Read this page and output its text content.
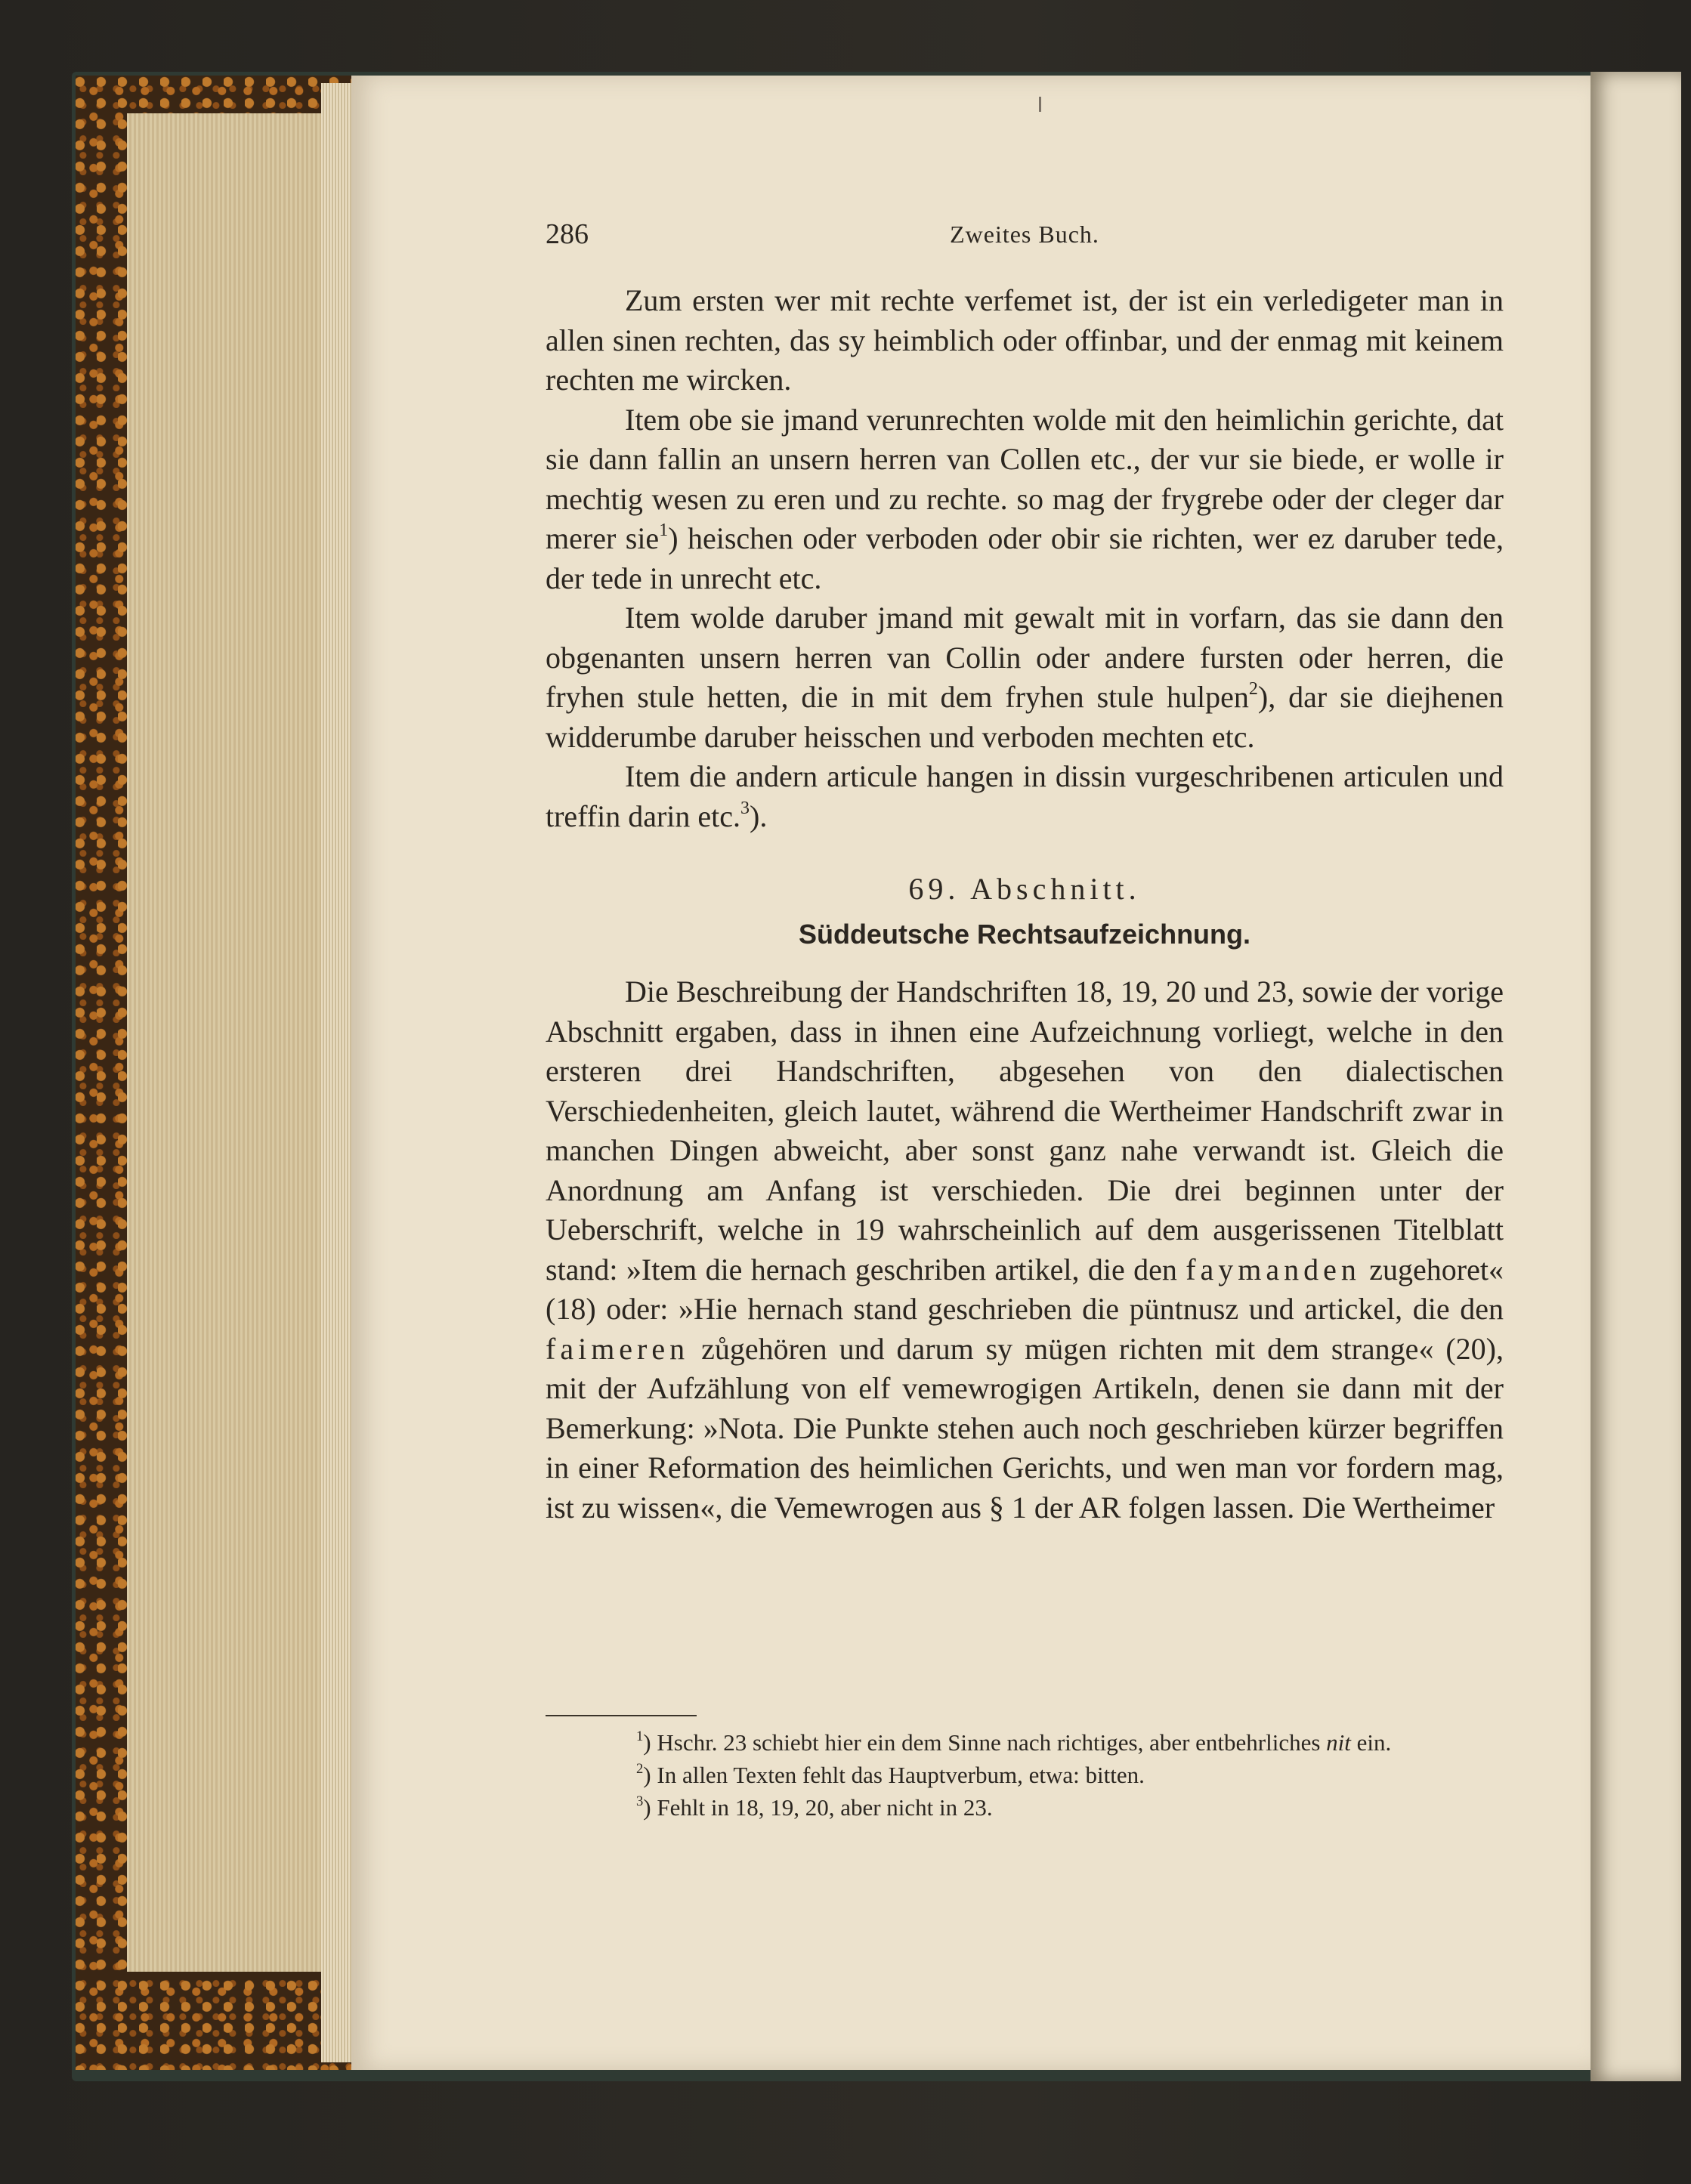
286	Zweites Buch.

Zum ersten wer mit rechte verfemet ist, der ist ein verledigeter man in allen sinen rechten, das sy heimblich oder offinbar, und der enmag mit keinem rechten me wircken.

Item obe sie jmand verunrechten wolde mit den heimlichin gerichte, dat sie dann fallin an unsern herren van Collen etc., der vur sie biede, er wolle ir mechtig wesen zu eren und zu rechte. so mag der frygrebe oder der cleger dar merer sie$^1$) heischen oder verboden oder obir sie richten, wer ez daruber tede, der tede in unrecht etc.

Item wolde daruber jmand mit gewalt mit in vorfarn, das sie dann den obgenanten unsern herren van Collin oder andere fursten oder herren, die fryhen stule hetten, die in mit dem fryhen stule hulpen$^2$), dar sie diejhenen widderumbe daruber heisschen und verboden mechten etc.

Item die andern articule hangen in dissin vurgeschribenen articulen und treffin darin etc.$^3$).

69. Abschnitt.
Süddeutsche Rechtsaufzeichnung.

Die Beschreibung der Handschriften 18, 19, 20 und 23, sowie der vorige Abschnitt ergaben, dass in ihnen eine Aufzeichnung vorliegt, welche in den ersteren drei Handschriften, abgesehen von den dialectischen Verschiedenheiten, gleich lautet, während die Wertheimer Handschrift zwar in manchen Dingen abweicht, aber sonst ganz nahe verwandt ist. Gleich die Anordnung am Anfang ist verschieden. Die drei beginnen unter der Ueberschrift, welche in 19 wahrscheinlich auf dem ausgerissenen Titelblatt stand: »Item die hernach geschriben artikel, die den faymanden zugehoret« (18) oder: »Hie hernach stand geschrieben die püntnusz und artickel, die den faimeren zůgehören und darum sy mügen richten mit dem strange« (20), mit der Aufzählung von elf vemewrogigen Artikeln, denen sie dann mit der Bemerkung: »Nota. Die Punkte stehen auch noch geschrieben kürzer begriffen in einer Reformation des heimlichen Gerichts, und wen man vor fordern mag, ist zu wissen«, die Vemewrogen aus § 1 der AR folgen lassen. Die Wertheimer

$^1$) Hschr. 23 schiebt hier ein dem Sinne nach richtiges, aber entbehrliches nit ein.

$^2$) In allen Texten fehlt das Hauptverbum, etwa: bitten.

$^3$) Fehlt in 18, 19, 20, aber nicht in 23.
